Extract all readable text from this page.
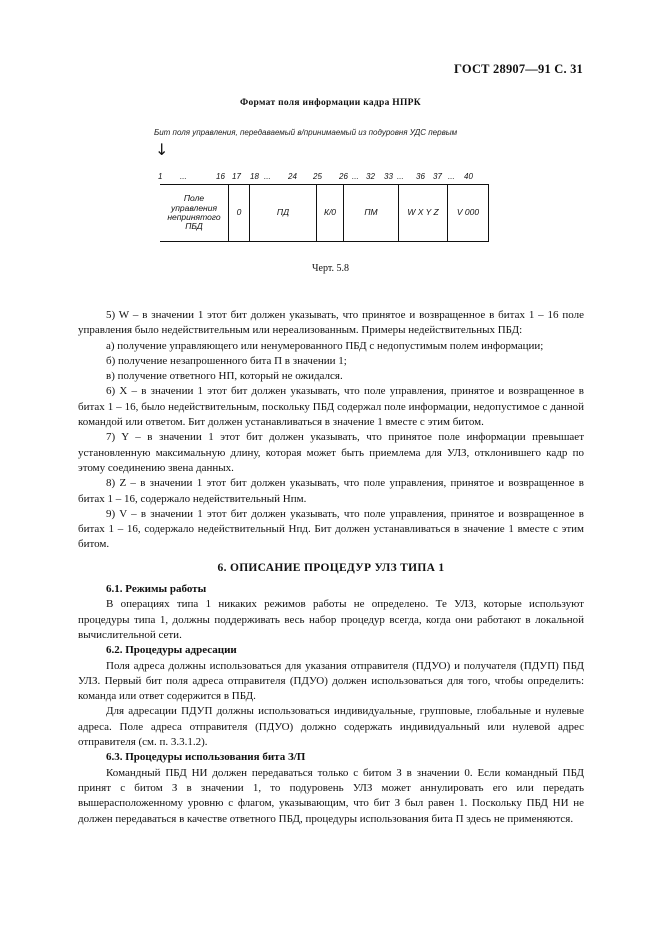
ГОСТ 28907—91 С. 31
Формат поля информации кадра НПРК
Бит поля управления, передаваемый в/принимаемый из подуровня УДС первым
↓
1 ...	16 17 18 ... 24 25 26 ... 32 33 ... 36 37 ... 40
Поле
управления
непринятого
ПБД	0	ПД	К/0	ПМ	W X Y Z	V 000
Черт. 5.8

5) W – в значении 1 этот бит должен указывать, что принятое и возвращенное в битах 1 – 16 поле управления было недействительным или нереализованным. Примеры недействительных ПБД:

а) получение управляющего или ненумерованного ПБД с недопустимым полем информации;

б) получение незапрошенного бита П в значении 1;

в) получение ответного НП, который не ожидался.

6) X – в значении 1 этот бит должен указывать, что поле управления, принятое и возвращенное в битах 1 – 16, было недействительным, поскольку ПБД содержал поле информации, недопустимое с данной командой или ответом. Бит должен устанавливаться в значение 1 вместе с этим битом.

7) Y – в значении 1 этот бит должен указывать, что принятое поле информации превышает установленную максимальную длину, которая может быть приемлема для УЛЗ, отклонившего кадр по этому соединению звена данных.

8) Z – в значении 1 этот бит должен указывать, что поле управления, принятое и возвращенное в битах 1 – 16, содержало недействительный Нпм.

9) V – в значении 1 этот бит должен указывать, что поле управления, принятое и возвращенное в битах 1 – 16, содержало недействительный Нпд. Бит должен устанавливаться в значение 1 вместе с этим битом.

6. ОПИСАНИЕ ПРОЦЕДУР УЛЗ ТИПА 1

6.1. Режимы работы

В операциях типа 1 никаких режимов работы не определено. Те УЛЗ, которые используют процедуры типа 1, должны поддерживать весь набор процедур всегда, когда они работают в локальной вычислительной сети.

6.2. Процедуры адресации

Поля адреса должны использоваться для указания отправителя (ПДУО) и получателя (ПДУП) ПБД УЛЗ. Первый бит поля адреса отправителя (ПДУО) должен использоваться для того, чтобы определить: команда или ответ содержится в ПБД.

Для адресации ПДУП должны использоваться индивидуальные, групповые, глобальные и нулевые адреса. Поле адреса отправителя (ПДУО) должно содержать индивидуальный или нулевой адрес отправителя (см. п. 3.3.1.2).

6.3. Процедуры использования бита З/П

Командный ПБД НИ должен передаваться только с битом З в значении 0. Если командный ПБД принят с битом З в значении 1, то подуровень УЛЗ может аннулировать его или передать вышерасположенному уровню с флагом, указывающим, что бит З был равен 1. Поскольку ПБД НИ не должен передаваться в качестве ответного ПБД, процедуры использования бита П здесь не применяются.
